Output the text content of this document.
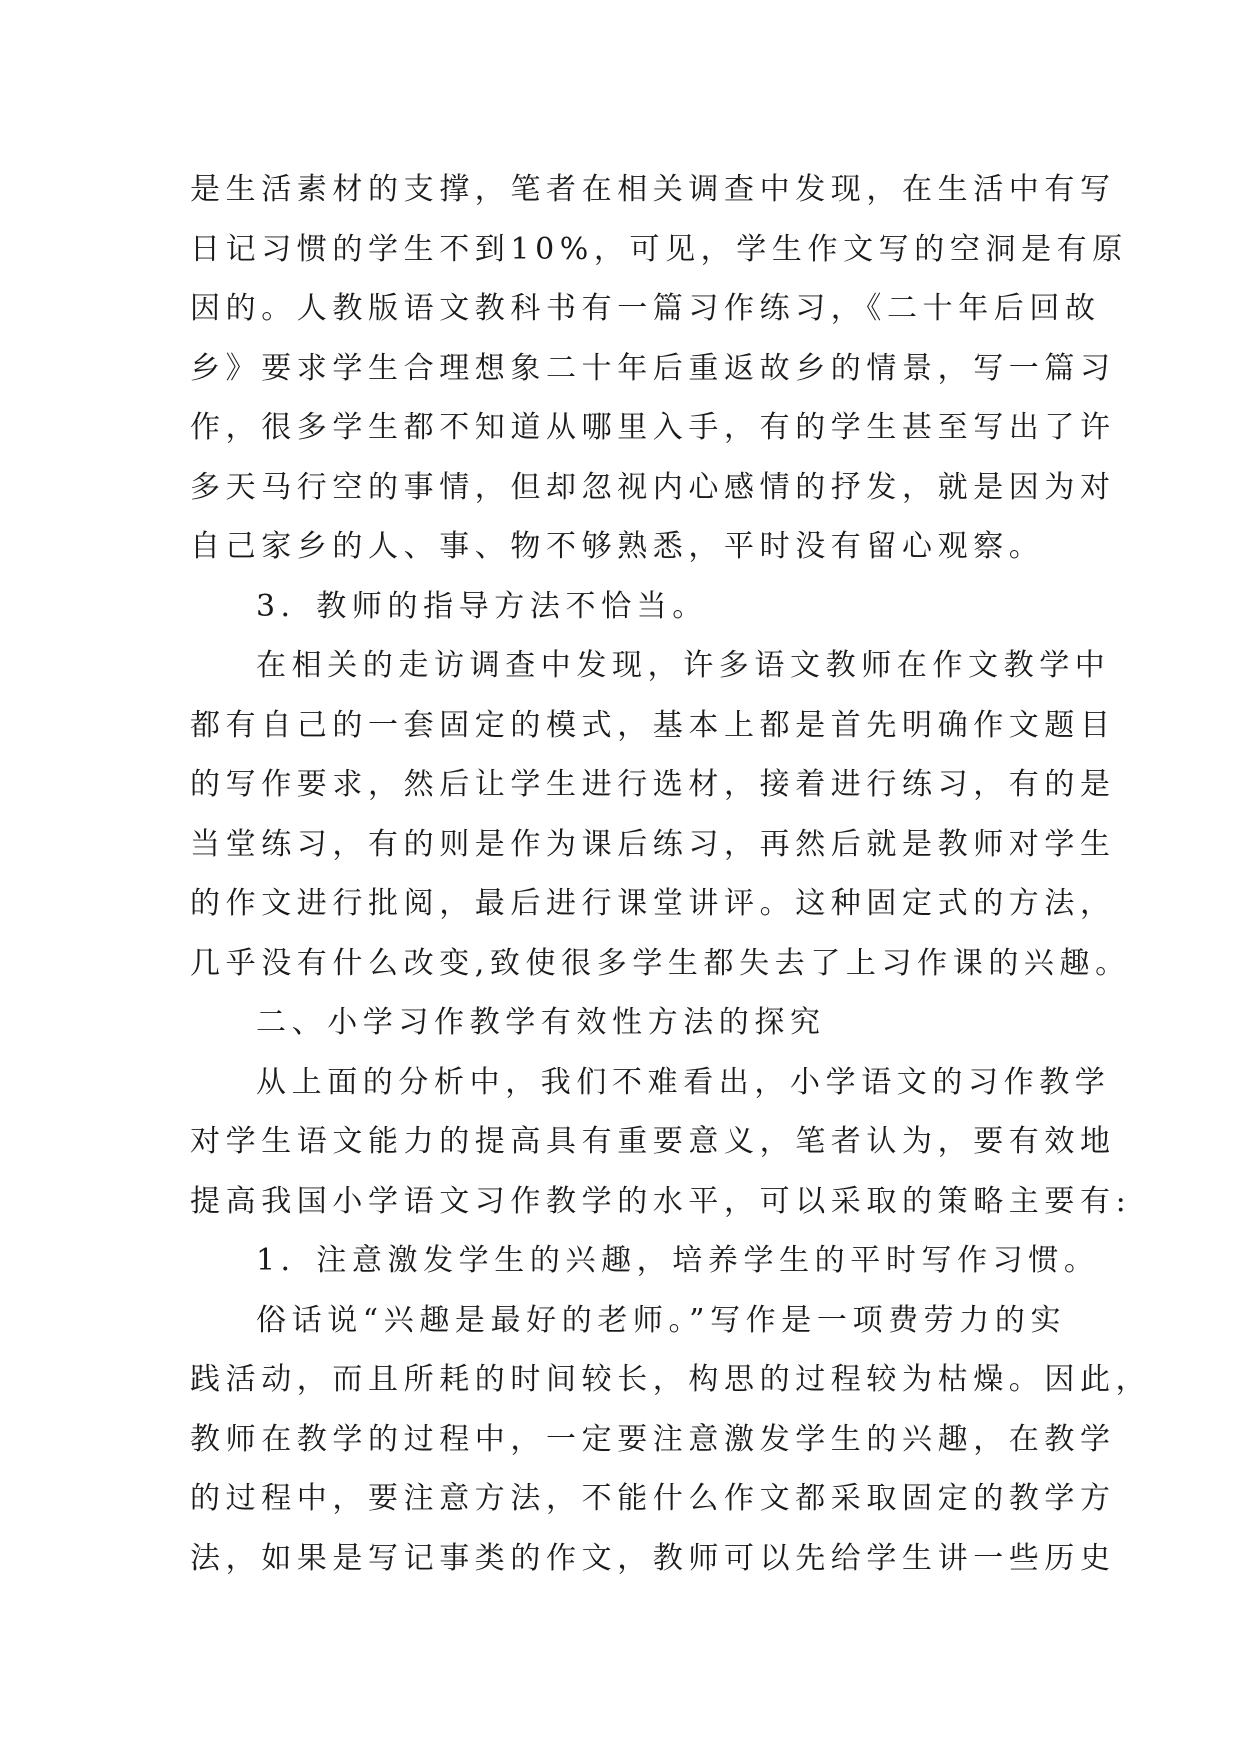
是生活素材的支撑，笔者在相关调查中发现，在生活中有写
日记习惯的学生不到10%，可见，学生作文写的空洞是有原
因的。人教版语文教科书有一篇习作练习，《二十年后回故
乡》要求学生合理想象二十年后重返故乡的情景，写一篇习
作，很多学生都不知道从哪里入手，有的学生甚至写出了许
多天马行空的事情，但却忽视内心感情的抒发，就是因为对
自己家乡的人、事、物不够熟悉，平时没有留心观察。
3．教师的指导方法不恰当。
在相关的走访调查中发现，许多语文教师在作文教学中
都有自己的一套固定的模式，基本上都是首先明确作文题目
的写作要求，然后让学生进行选材，接着进行练习，有的是
当堂练习，有的则是作为课后练习，再然后就是教师对学生
的作文进行批阅，最后进行课堂讲评。这种固定式的方法，
几乎没有什么改变,致使很多学生都失去了上习作课的兴趣。
二、小学习作教学有效性方法的探究
从上面的分析中，我们不难看出，小学语文的习作教学
对学生语文能力的提高具有重要意义，笔者认为，要有效地
提高我国小学语文习作教学的水平，可以采取的策略主要有:
1．注意激发学生的兴趣，培养学生的平时写作习惯。
俗话说“兴趣是最好的老师。”写作是一项费劳力的实
践活动，而且所耗的时间较长，构思的过程较为枯燥。因此，
教师在教学的过程中，一定要注意激发学生的兴趣，在教学
的过程中，要注意方法，不能什么作文都采取固定的教学方
法，如果是写记事类的作文，教师可以先给学生讲一些历史
